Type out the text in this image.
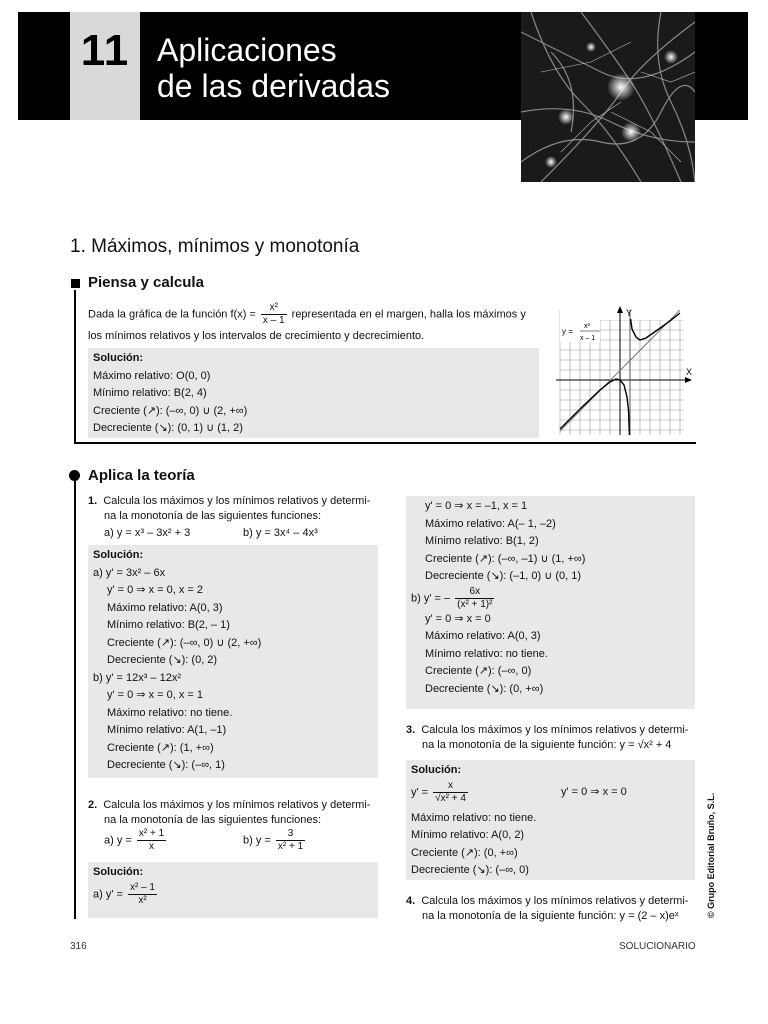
11 Aplicaciones
de las derivadas
1. Máximos, mínimos y monotonía
Piensa y calcula
Dada la gráfica de la función $f(x) = \frac{\text{x²}}{x - 1}$ representada en el margen, halla los máximos y
los mínimos relativos y los intervalos de crecimiento y decrecimiento.
Solución:
Máximo relativo: O(0, 0)
Mínimo relativo: B(2, 4)
Creciente (↗): (–∞, 0) ∪ (2, +∞)
Decreciente (↘): (0, 1) ∪ (1, 2)
Y
X
y =
x²
x – 1
Aplica la teoría
1. Calcula los máximos y los mínimos relativos y determi-
na la monotonía de las siguientes funciones:
a) y = x³ – 3x² + 3	b) y = 3x⁴ – 4x³
Solución:
a) y' = 3x² – 6x
y' = 0 ⇒ x = 0, x = 2
Máximo relativo: A(0, 3)
Mínimo relativo: B(2, – 1)
Creciente (↗): (–∞, 0) ∪ (2, +∞)
Decreciente (↘): (0, 2)
b) y' = 12x³ – 12x²
y' = 0 ⇒ x = 0, x = 1
Máximo relativo: no tiene.
Mínimo relativo: A(1, –1)
Creciente (↗): (1, +∞)
Decreciente (↘): (–∞, 1)
2. Calcula los máximos y los mínimos relativos y determi-
na la monotonía de las siguientes funciones:
a) $y = \frac{\text{x² + 1}}{x}$	b) $y = \frac{3}{\text{x² + 1}}$
Solución:
a) $y' = \frac{\text{x² – 1}}{\text{x²}}$
y' = 0 ⇒ x = –1, x = 1
Máximo relativo: A(– 1, –2)
Mínimo relativo: B(1, 2)
Creciente (↗): (–∞, –1) ∪ (1, +∞)
Decreciente (↘): (–1, 0) ∪ (0, 1)
b) y' = – $\frac{6x}{\text{(x² + 1)²}}$
y' = 0 ⇒ x = 0
Máximo relativo: A(0, 3)
Mínimo relativo: no tiene.
Creciente (↗): (–∞, 0)
Decreciente (↘): (0, +∞)
3. Calcula los máximos y los mínimos relativos y determi-
na la monotonía de la siguiente función: y = √x² + 4
Solución:
$y' = \frac{x}{\text{√x² + 4}}$	y' = 0 ⇒ x = 0
Máximo relativo: no tiene.
Mínimo relativo: A(0, 2)
Creciente (↗): (0, +∞)
Decreciente (↘): (–∞, 0)
4. Calcula los máximos y los mínimos relativos y determi-
na la monotonía de la siguiente función: y = (2 – x)eˣ	© Grupo Editorial Bruño, S.L.
316	SOLUCIONARIO
